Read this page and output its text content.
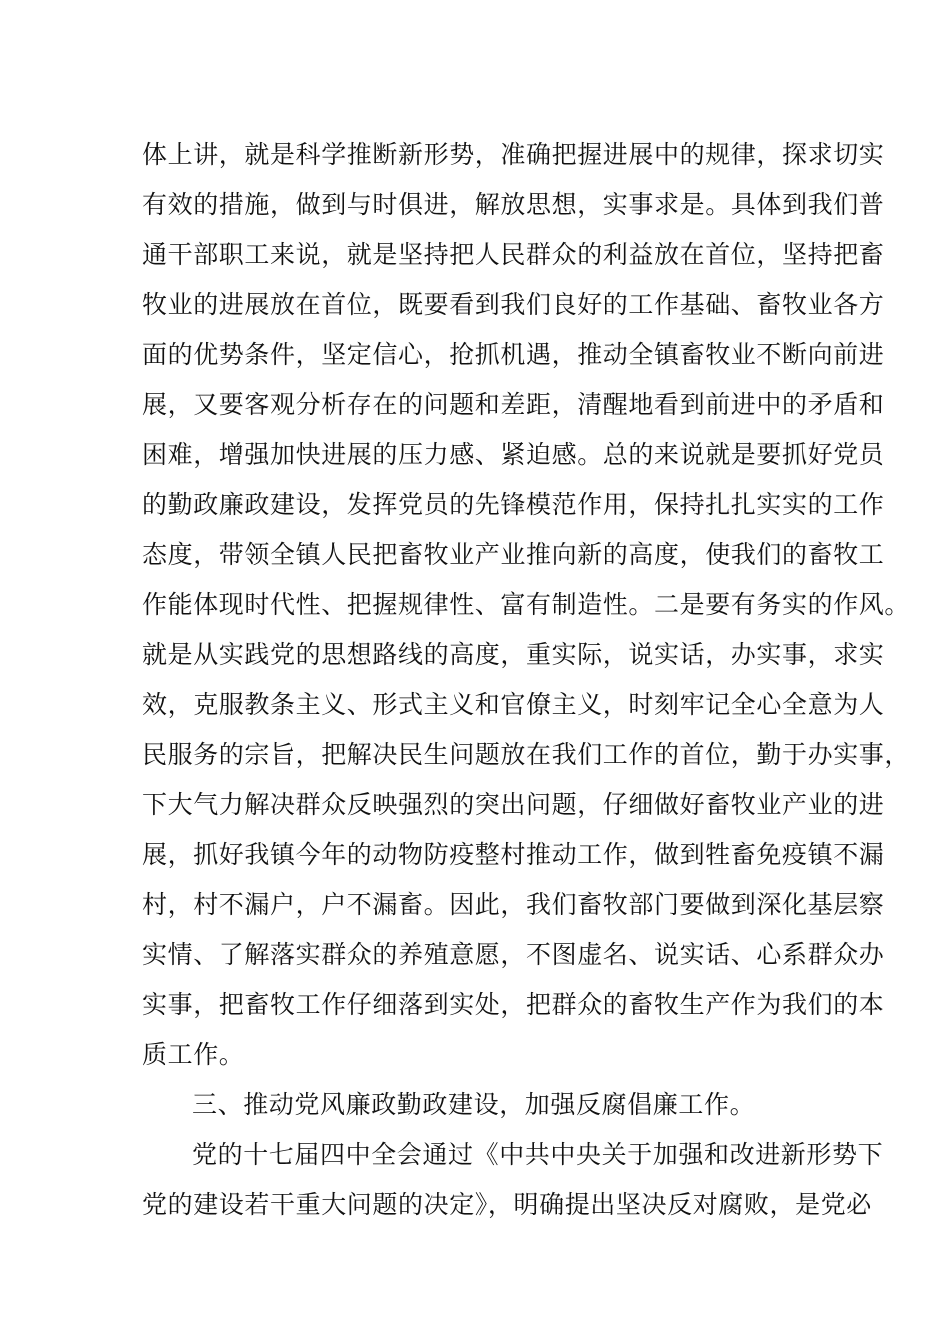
体上讲，就是科学推断新形势，准确把握进展中的规律，探求切实
有效的措施，做到与时俱进，解放思想，实事求是。具体到我们普
通干部职工来说，就是坚持把人民群众的利益放在首位，坚持把畜
牧业的进展放在首位，既要看到我们良好的工作基础、畜牧业各方
面的优势条件，坚定信心，抢抓机遇，推动全镇畜牧业不断向前进
展，又要客观分析存在的问题和差距，清醒地看到前进中的矛盾和
困难，增强加快进展的压力感、紧迫感。总的来说就是要抓好党员
的勤政廉政建设，发挥党员的先锋模范作用，保持扎扎实实的工作
态度，带领全镇人民把畜牧业产业推向新的高度，使我们的畜牧工
作能体现时代性、把握规律性、富有制造性。二是要有务实的作风。
就是从实践党的思想路线的高度，重实际，说实话，办实事，求实
效，克服教条主义、形式主义和官僚主义，时刻牢记全心全意为人
民服务的宗旨，把解决民生问题放在我们工作的首位，勤于办实事，
下大气力解决群众反映强烈的突出问题，仔细做好畜牧业产业的进
展，抓好我镇今年的动物防疫整村推动工作，做到牲畜免疫镇不漏
村，村不漏户，户不漏畜。因此，我们畜牧部门要做到深化基层察
实情、了解落实群众的养殖意愿，不图虚名、说实话、心系群众办
实事，把畜牧工作仔细落到实处，把群众的畜牧生产作为我们的本
质工作。
三、推动党风廉政勤政建设，加强反腐倡廉工作。
党的十七届四中全会通过《中共中央关于加强和改进新形势下
党的建设若干重大问题的决定》，明确提出坚决反对腐败，是党必
